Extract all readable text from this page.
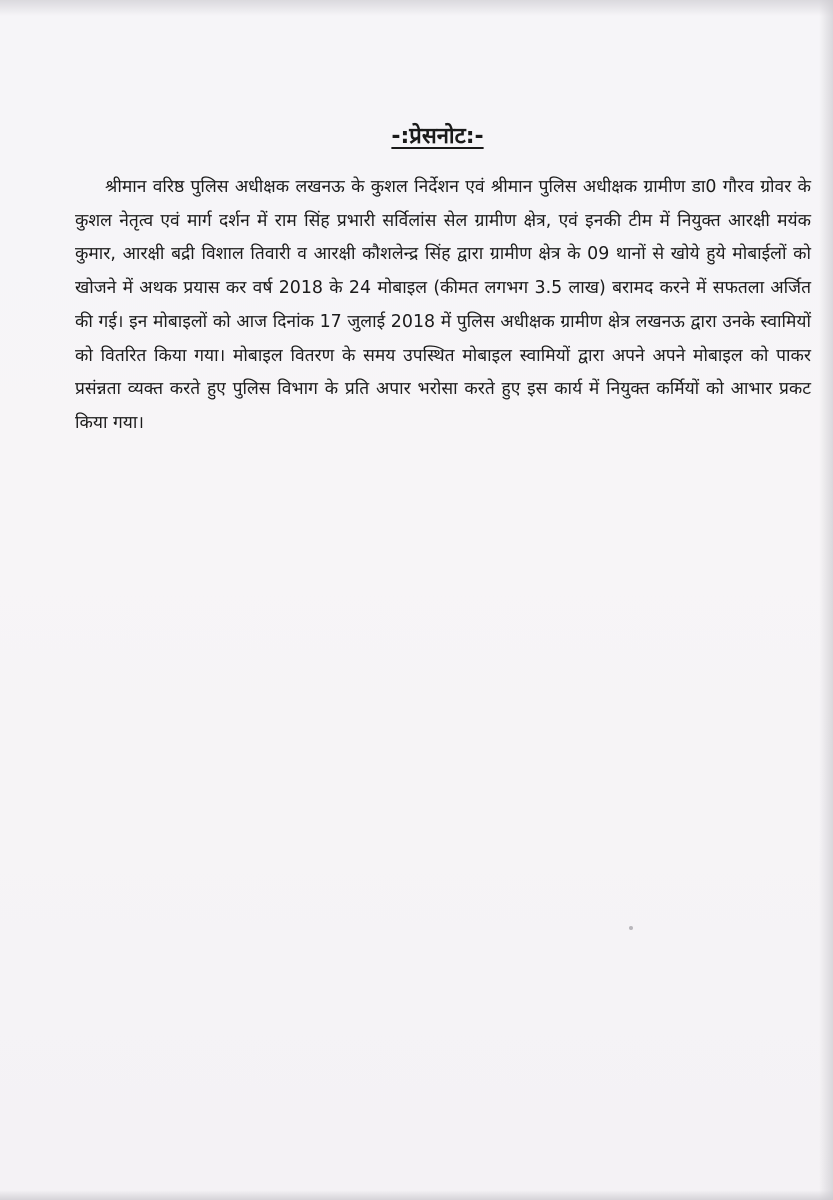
-:प्रेसनोट:-

श्रीमान वरिष्ठ पुलिस अधीक्षक लखनऊ के कुशल निर्देशन एवं श्रीमान पुलिस अधीक्षक ग्रामीण डा0 गौरव ग्रोवर के कुशल नेतृत्व एवं मार्ग दर्शन में राम सिंह प्रभारी सर्विलांस सेल ग्रामीण क्षेत्र, एवं इनकी टीम में नियुक्त आरक्षी मयंक कुमार, आरक्षी बद्री विशाल तिवारी व आरक्षी कौशलेन्द्र सिंह द्वारा ग्रामीण क्षेत्र के 09 थानों से खोये हुये मोबाईलों को खोजने में अथक प्रयास कर वर्ष 2018 के 24 मोबाइल (कीमत लगभग 3.5 लाख) बरामद करने में सफतला अर्जित की गई। इन मोबाइलों को आज दिनांक 17 जुलाई 2018 में पुलिस अधीक्षक ग्रामीण क्षेत्र लखनऊ द्वारा उनके स्वामियों को वितरित किया गया। मोबाइल वितरण के समय उपस्थित मोबाइल स्वामियों द्वारा अपने अपने मोबाइल को पाकर प्रसंन्नता व्यक्त करते हुए पुलिस विभाग के प्रति अपार भरोसा करते हुए इस कार्य में नियुक्त कर्मियों को आभार प्रकट किया गया।
